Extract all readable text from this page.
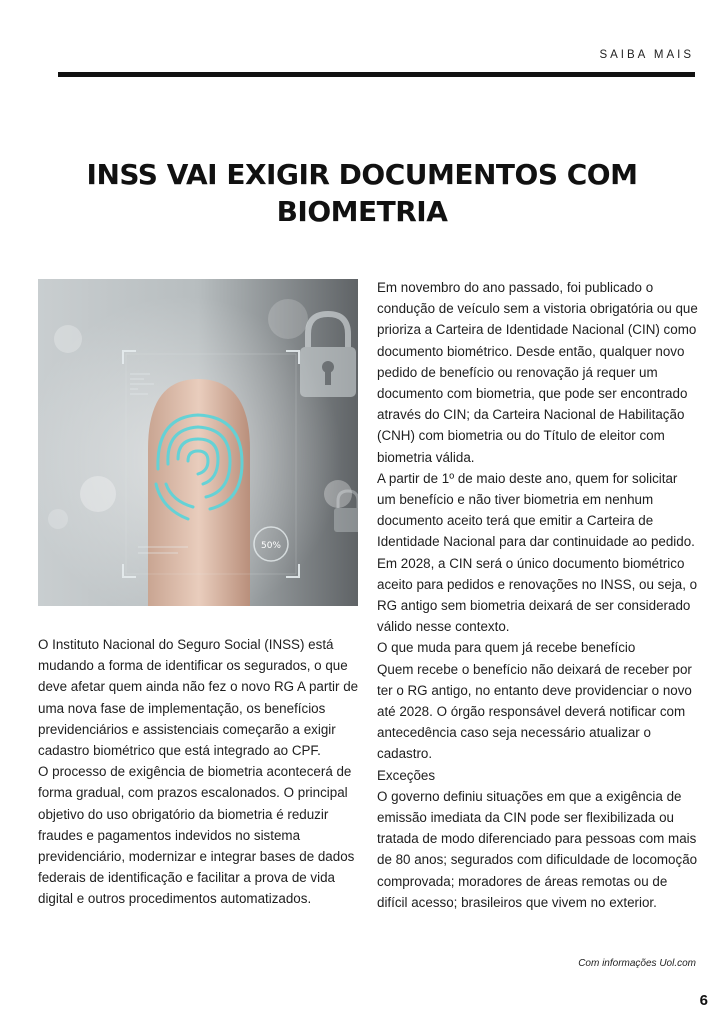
SAIBA MAIS
INSS VAI EXIGIR DOCUMENTOS COM BIOMETRIA
50%

O Instituto Nacional do Seguro Social (INSS) está mudando a forma de identificar os segurados, o que deve afetar quem ainda não fez o novo RG A partir de uma nova fase de implementação, os benefícios previdenciários e assistenciais começarão a exigir cadastro biométrico que está integrado ao CPF.

O processo de exigência de biometria acontecerá de forma gradual, com prazos escalonados. O principal objetivo do uso obrigatório da biometria é reduzir fraudes e pagamentos indevidos no sistema previdenciário, modernizar e integrar bases de dados federais de identificação e facilitar a prova de vida digital e outros procedimentos automatizados.

Em novembro do ano passado, foi publicado o condução de veículo sem a vistoria obrigatória ou que prioriza a Carteira de Identidade Nacional (CIN) como documento biométrico. Desde então, qualquer novo pedido de benefício ou renovação já requer um documento com biometria, que pode ser encontrado através do CIN; da Carteira Nacional de Habilitação (CNH) com biometria ou do Título de eleitor com biometria válida.

A partir de 1º de maio deste ano, quem for solicitar um benefício e não tiver biometria em nenhum documento aceito terá que emitir a Carteira de Identidade Nacional para dar continuidade ao pedido.

Em 2028, a CIN será o único documento biométrico aceito para pedidos e renovações no INSS, ou seja, o RG antigo sem biometria deixará de ser considerado válido nesse contexto.

O que muda para quem já recebe benefício

Quem recebe o benefício não deixará de receber por ter o RG antigo, no entanto deve providenciar o novo até 2028. O órgão responsável deverá notificar com antecedência caso seja necessário atualizar o cadastro.

Exceções

O governo definiu situações em que a exigência de emissão imediata da CIN pode ser flexibilizada ou tratada de modo diferenciado para pessoas com mais de 80 anos; segurados com dificuldade de locomoção comprovada; moradores de áreas remotas ou de difícil acesso; brasileiros que vivem no exterior.

Com informações Uol.com
6
